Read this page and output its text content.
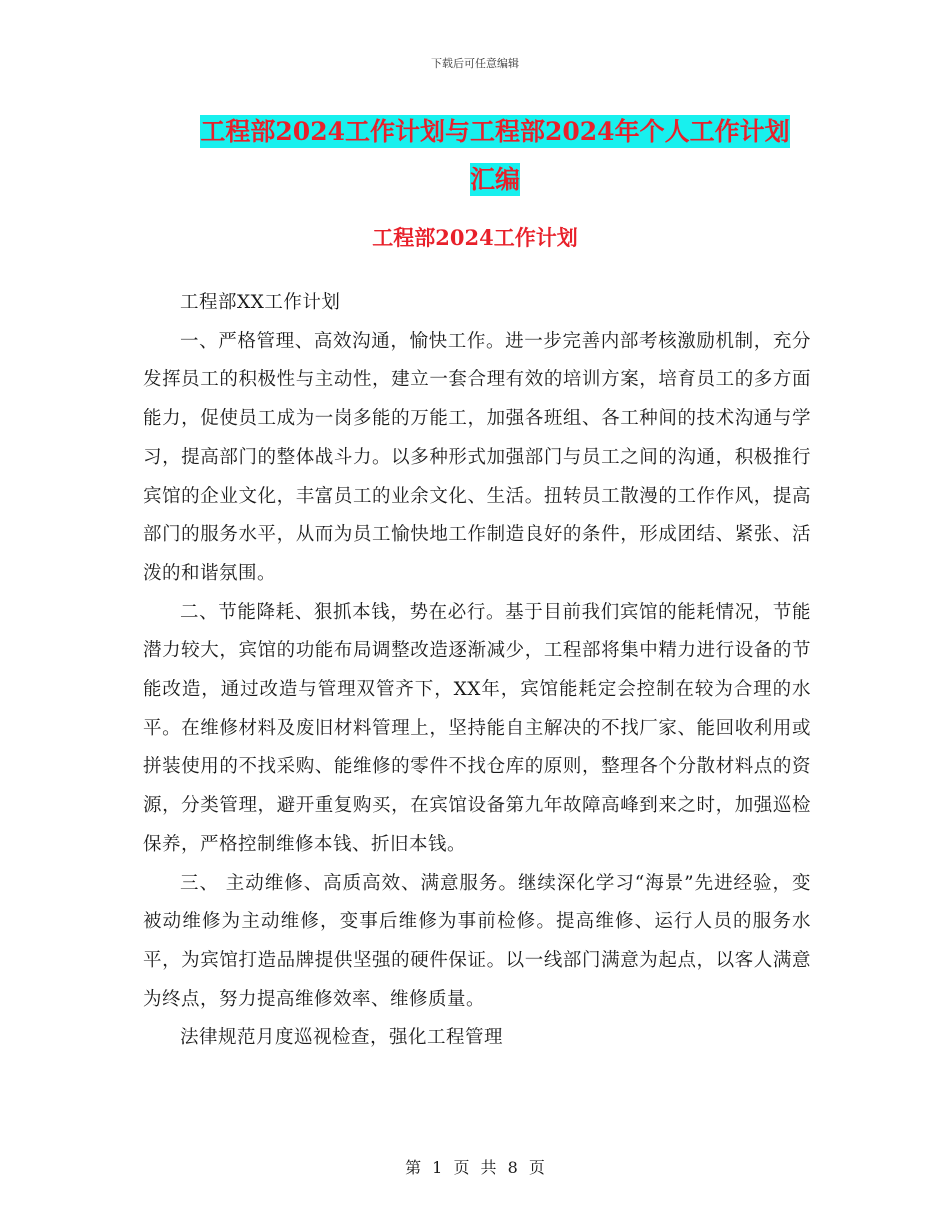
下载后可任意编辑
工程部2024工作计划与工程部2024年个人工作计划
汇编
工程部2024工作计划

工程部XX工作计划

一、严格管理、高效沟通，愉快工作。进一步完善内部考核激励机制，充分发挥员工的积极性与主动性，建立一套合理有效的培训方案，培育员工的多方面能力，促使员工成为一岗多能的万能工，加强各班组、各工种间的技术沟通与学习，提高部门的整体战斗力。以多种形式加强部门与员工之间的沟通，积极推行宾馆的企业文化，丰富员工的业余文化、生活。扭转员工散漫的工作作风，提高部门的服务水平，从而为员工愉快地工作制造良好的条件，形成团结、紧张、活泼的和谐氛围。

二、节能降耗、狠抓本钱，势在必行。基于目前我们宾馆的能耗情况，节能潜力较大，宾馆的功能布局调整改造逐渐减少，工程部将集中精力进行设备的节能改造，通过改造与管理双管齐下，XX年，宾馆能耗定会控制在较为合理的水平。在维修材料及废旧材料管理上，坚持能自主解决的不找厂家、能回收利用或拼装使用的不找采购、能维修的零件不找仓库的原则，整理各个分散材料点的资源，分类管理，避开重复购买，在宾馆设备第九年故障高峰到来之时，加强巡检保养，严格控制维修本钱、折旧本钱。

三、 主动维修、高质高效、满意服务。继续深化学习“海景”先进经验，变被动维修为主动维修，变事后维修为事前检修。提高维修、运行人员的服务水平，为宾馆打造品牌提供坚强的硬件保证。以一线部门满意为起点，以客人满意为终点，努力提高维修效率、维修质量。

法律规范月度巡视检查，强化工程管理

第 1 页 共 8 页
